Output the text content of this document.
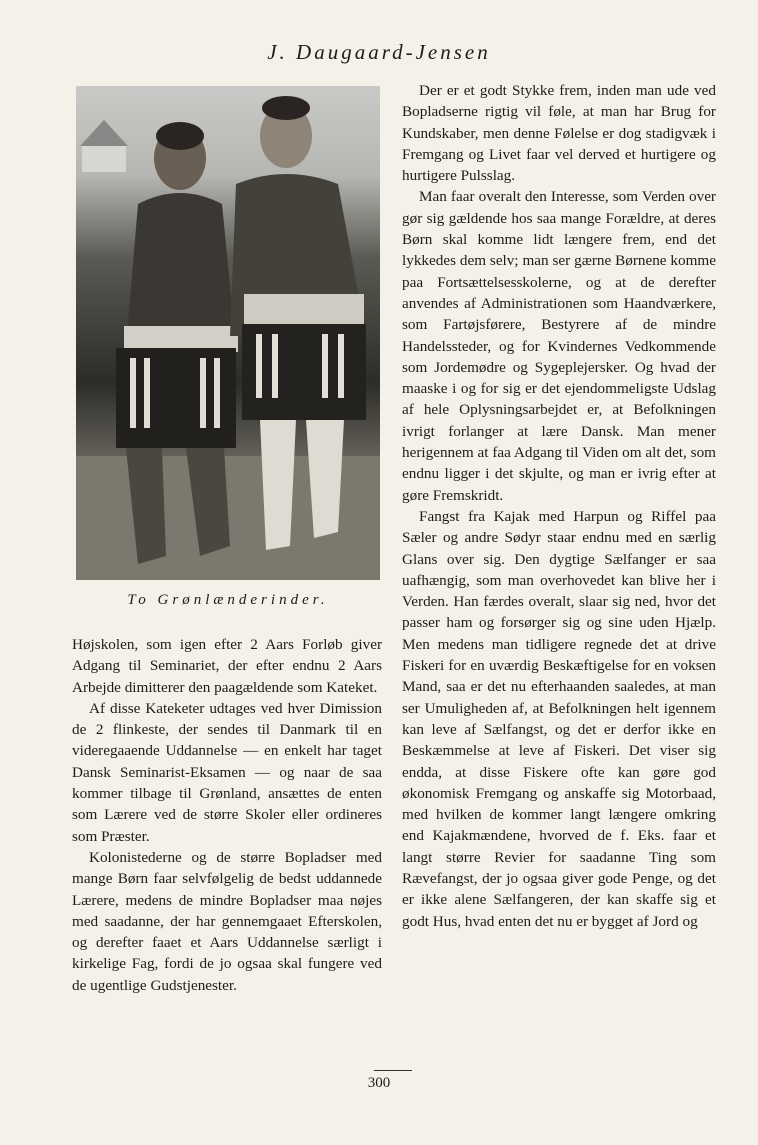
J. Daugaard-Jensen
To Grønlænderinder.

Højskolen, som igen efter 2 Aars Forløb giver Adgang til Seminariet, der efter endnu 2 Aars Arbejde dimitterer den paagældende som Kateket.

Af disse Kateketer udtages ved hver Dimission de 2 flinkeste, der sendes til Danmark til en videregaaende Uddannelse — en enkelt har taget Dansk Seminarist-Eksamen — og naar de saa kommer tilbage til Grønland, ansættes de enten som Lærere ved de større Skoler eller ordineres som Præster.

Kolonistederne og de større Bopladser med mange Børn faar selvfølgelig de bedst uddannede Lærere, medens de mindre Bopladser maa nøjes med saadanne, der har gennemgaaet Efterskolen, og derefter faaet et Aars Uddannelse særligt i kirkelige Fag, fordi de jo ogsaa skal fungere ved de ugentlige Gudstjenester.

Der er et godt Stykke frem, inden man ude ved Bopladserne rigtig vil føle, at man har Brug for Kundskaber, men denne Følelse er dog stadigvæk i Fremgang og Livet faar vel derved et hurtigere og hurtigere Pulsslag.

Man faar overalt den Interesse, som Verden over gør sig gældende hos saa mange Forældre, at deres Børn skal komme lidt længere frem, end det lykkedes dem selv; man ser gærne Børnene komme paa Fortsættelsesskolerne, og at de derefter anvendes af Administrationen som Haandværkere, som Fartøjsførere, Bestyrere af de mindre Handelssteder, og for Kvindernes Vedkommende som Jordemødre og Sygeplejersker. Og hvad der maaske i og for sig er det ejendommeligste Udslag af hele Oplysningsarbejdet er, at Befolkningen ivrigt forlanger at lære Dansk. Man mener herigennem at faa Adgang til Viden om alt det, som endnu ligger i det skjulte, og man er ivrig efter at gøre Fremskridt.

Fangst fra Kajak med Harpun og Riffel paa Sæler og andre Sødyr staar endnu med en særlig Glans over sig. Den dygtige Sælfanger er saa uafhængig, som man overhovedet kan blive her i Verden. Han færdes overalt, slaar sig ned, hvor det passer ham og forsørger sig og sine uden Hjælp. Men medens man tidligere regnede det at drive Fiskeri for en uværdig Beskæftigelse for en voksen Mand, saa er det nu efterhaanden saaledes, at man ser Umuligheden af, at Befolkningen helt igennem kan leve af Sælfangst, og det er derfor ikke en Beskæmmelse at leve af Fiskeri. Det viser sig endda, at disse Fiskere ofte kan gøre god økonomisk Fremgang og anskaffe sig Motorbaad, med hvilken de kommer langt længere omkring end Kajakmændene, hvorved de f. Eks. faar et langt større Revier for saadanne Ting som Rævefangst, der jo ogsaa giver gode Penge, og det er ikke alene Sælfangeren, der kan skaffe sig et godt Hus, hvad enten det nu er bygget af Jord og

300
